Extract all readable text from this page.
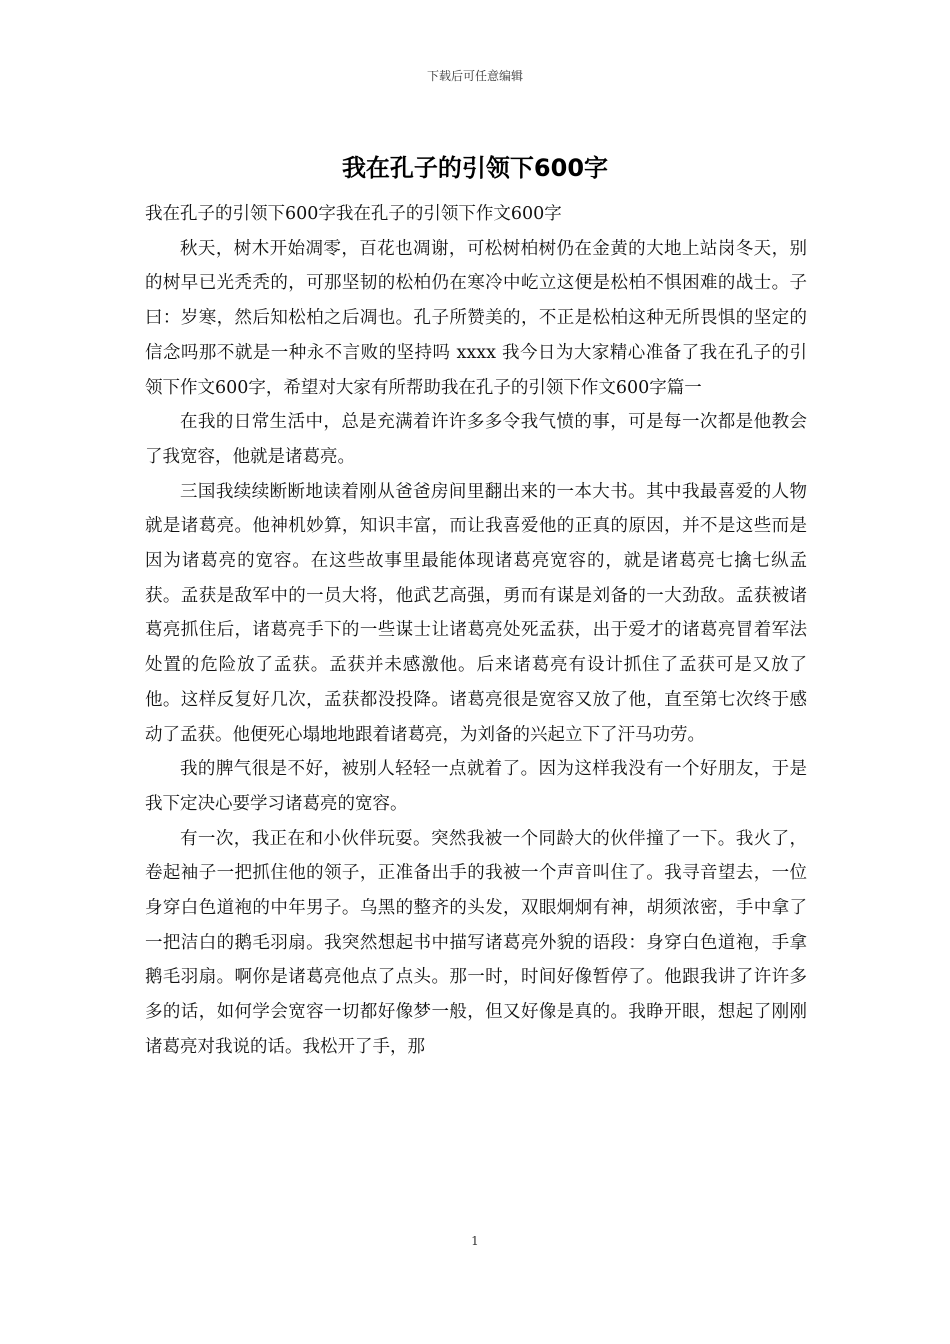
下载后可任意编辑
我在孔子的引领下600字

我在孔子的引领下600字我在孔子的引领下作文600字

秋天，树木开始凋零，百花也凋谢，可松树柏树仍在金黄的大地上站岗冬天，别的树早已光秃秃的，可那坚韧的松柏仍在寒冷中屹立这便是松柏不惧困难的战士。子曰：岁寒，然后知松柏之后凋也。孔子所赞美的，不正是松柏这种无所畏惧的坚定的信念吗那不就是一种永不言败的坚持吗 xxxx 我今日为大家精心准备了我在孔子的引领下作文600字，希望对大家有所帮助我在孔子的引领下作文600字篇一

在我的日常生活中，总是充满着许许多多令我气愤的事，可是每一次都是他教会了我宽容，他就是诸葛亮。

三国我续续断断地读着刚从爸爸房间里翻出来的一本大书。其中我最喜爱的人物就是诸葛亮。他神机妙算，知识丰富，而让我喜爱他的正真的原因，并不是这些而是因为诸葛亮的宽容。在这些故事里最能体现诸葛亮宽容的，就是诸葛亮七擒七纵孟获。孟获是敌军中的一员大将，他武艺高强，勇而有谋是刘备的一大劲敌。孟获被诸葛亮抓住后，诸葛亮手下的一些谋士让诸葛亮处死孟获，出于爱才的诸葛亮冒着军法处置的危险放了孟获。孟获并未感激他。后来诸葛亮有设计抓住了孟获可是又放了他。这样反复好几次，孟获都没投降。诸葛亮很是宽容又放了他，直至第七次终于感动了孟获。他便死心塌地地跟着诸葛亮，为刘备的兴起立下了汗马功劳。

我的脾气很是不好，被别人轻轻一点就着了。因为这样我没有一个好朋友，于是我下定决心要学习诸葛亮的宽容。

有一次，我正在和小伙伴玩耍。突然我被一个同龄大的伙伴撞了一下。我火了，卷起袖子一把抓住他的领子，正准备出手的我被一个声音叫住了。我寻音望去，一位身穿白色道袍的中年男子。乌黑的整齐的头发，双眼炯炯有神，胡须浓密，手中拿了一把洁白的鹅毛羽扇。我突然想起书中描写诸葛亮外貌的语段：身穿白色道袍，手拿鹅毛羽扇。啊你是诸葛亮他点了点头。那一时，时间好像暂停了。他跟我讲了许许多多的话，如何学会宽容一切都好像梦一般，但又好像是真的。我睁开眼，想起了刚刚诸葛亮对我说的话。我松开了手，那

1
